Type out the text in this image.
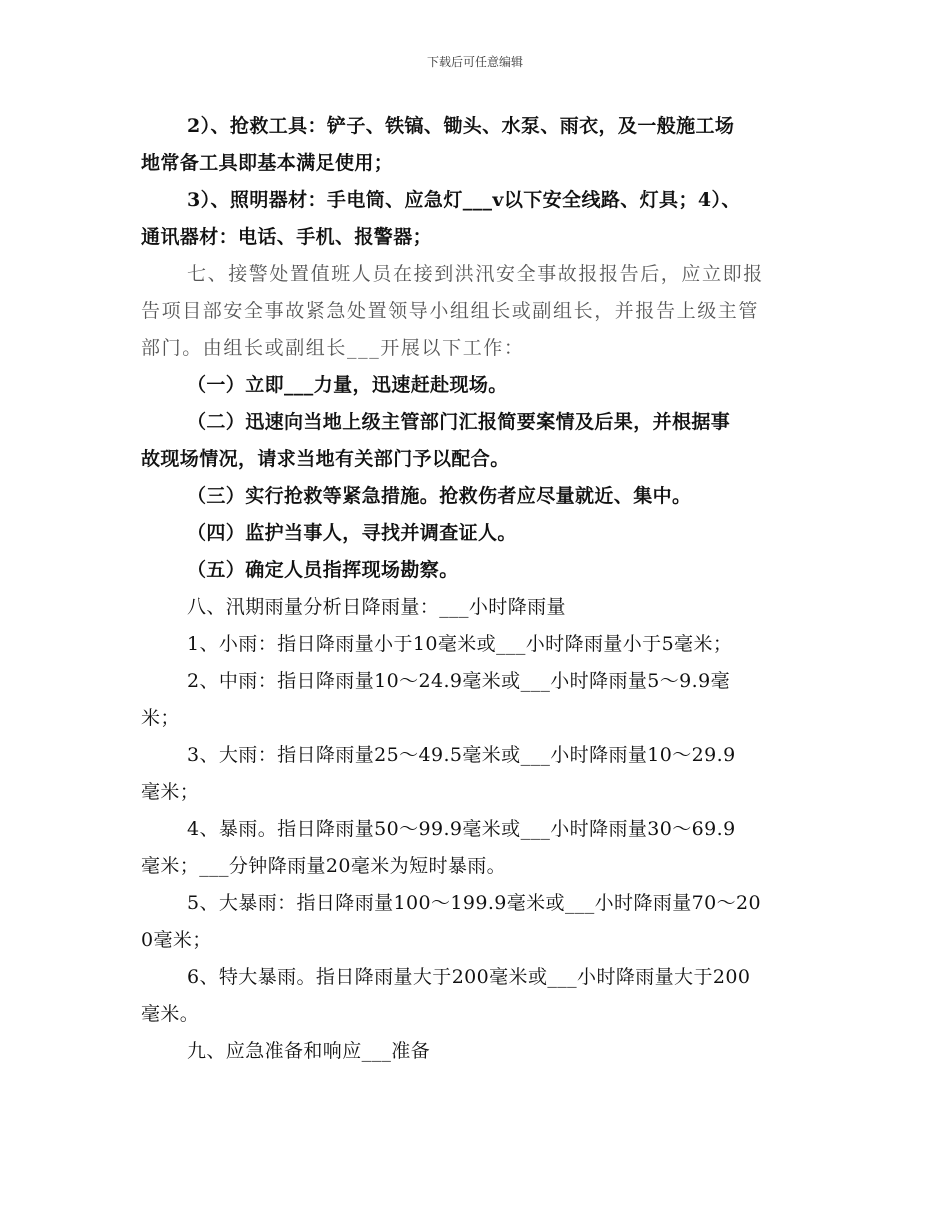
下载后可任意编辑
2）、抢救工具：铲子、铁镐、锄头、水泵、雨衣，及一般施工场
地常备工具即基本满足使用；
3）、照明器材：手电筒、应急灯___v以下安全线路、灯具；4）、
通讯器材：电话、手机、报警器；
七、接警处置值班人员在接到洪汛安全事故报报告后，应立即报
告项目部安全事故紧急处置领导小组组长或副组长，并报告上级主管
部门。由组长或副组长___开展以下工作：
（一）立即___力量，迅速赶赴现场。
（二）迅速向当地上级主管部门汇报简要案情及后果，并根据事
故现场情况，请求当地有关部门予以配合。
（三）实行抢救等紧急措施。抢救伤者应尽量就近、集中。
（四）监护当事人，寻找并调查证人。
（五）确定人员指挥现场勘察。
八、汛期雨量分析日降雨量：___小时降雨量
1、小雨：指日降雨量小于10毫米或___小时降雨量小于5毫米；
2、中雨：指日降雨量10～24.9毫米或___小时降雨量5～9.9毫
米；
3、大雨：指日降雨量25～49.5毫米或___小时降雨量10～29.9
毫米；
4、暴雨。指日降雨量50～99.9毫米或___小时降雨量30～69.9
毫米；___分钟降雨量20毫米为短时暴雨。
5、大暴雨：指日降雨量100～199.9毫米或___小时降雨量70～20
0毫米；
6、特大暴雨。指日降雨量大于200毫米或___小时降雨量大于200
毫米。
九、应急准备和响应___准备
